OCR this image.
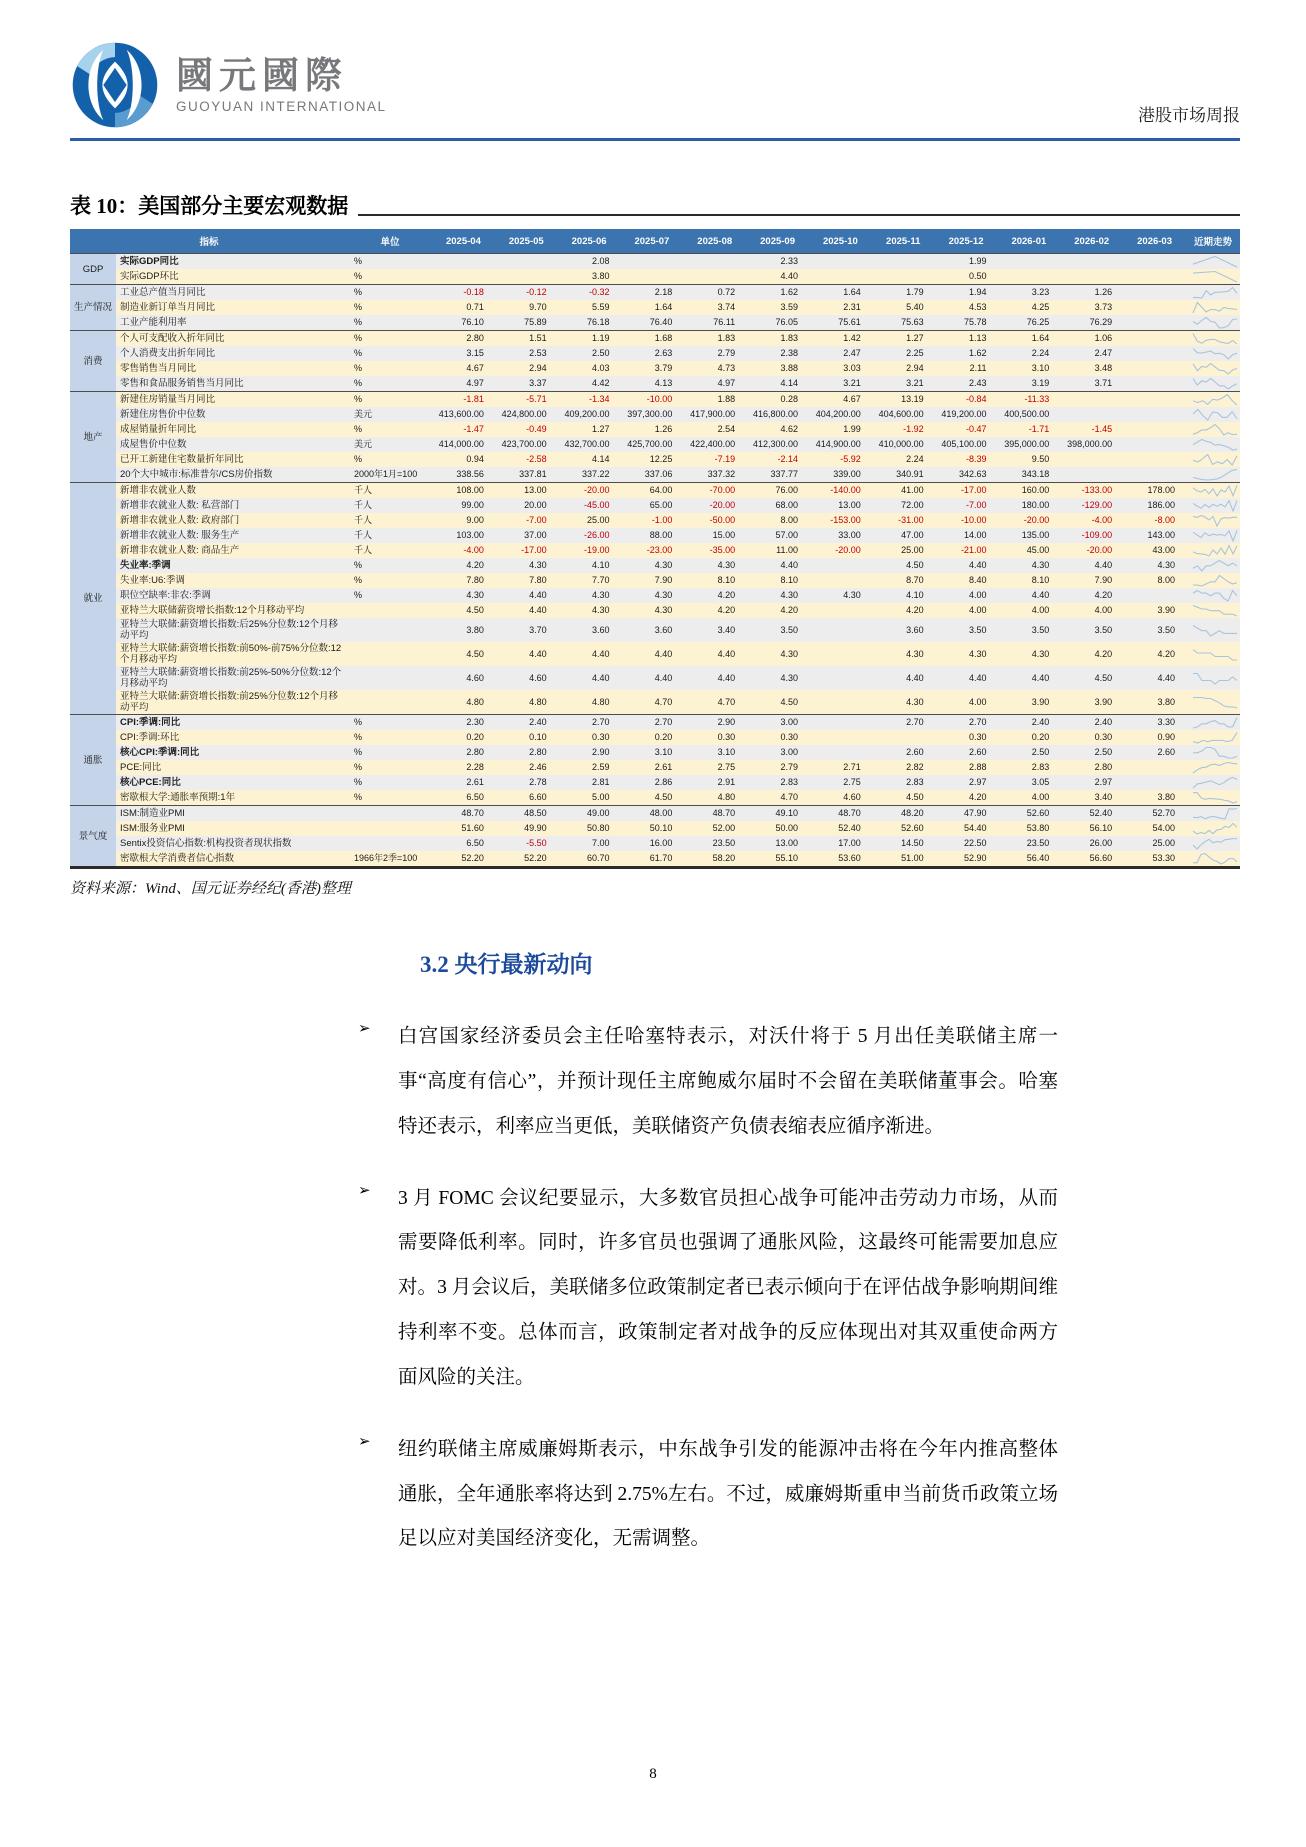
國元國際
GUOYUAN INTERNATIONAL	港股市场周报
表 10：美国部分主要宏观数据
指标		单位	2025-04	2025-05	2025-06	2025-07	2025-08	2025-09	2025-10	2025-11	2025-12	2026-01	2026-02	2026-03	近期走势
GDP	实际GDP同比	%			2.08			2.33			1.99				

	实际GDP环比	%			3.80			4.40			0.50				

生产情况	工业总产值当月同比	%	-0.18	-0.12	-0.32	2.18	0.72	1.62	1.64	1.79	1.94	3.23	1.26		

	制造业新订单当月同比	%	0.71	9.70	5.59	1.64	3.74	3.59	2.31	5.40	4.53	4.25	3.73		

	工业产能利用率	%	76.10	75.89	76.18	76.40	76.11	76.05	75.61	75.63	75.78	76.25	76.29		

消费	个人可支配收入折年同比	%	2.80	1.51	1.19	1.68	1.83	1.83	1.42	1.27	1.13	1.64	1.06		

	个人消费支出折年同比	%	3.15	2.53	2.50	2.63	2.79	2.38	2.47	2.25	1.62	2.24	2.47		

	零售销售当月同比	%	4.67	2.94	4.03	3.79	4.73	3.88	3.03	2.94	2.11	3.10	3.48		

	零售和食品服务销售当月同比	%	4.97	3.37	4.42	4.13	4.97	4.14	3.21	3.21	2.43	3.19	3.71		

地产	新建住房销量当月同比	%	-1.81	-5.71	-1.34	-10.00	1.88	0.28	4.67	13.19	-0.84	-11.33			

	新建住房售价中位数	美元	413,600.00	424,800.00	409,200.00	397,300.00	417,900.00	416,800.00	404,200.00	404,600.00	419,200.00	400,500.00			

	成屋销量折年同比	%	-1.47	-0.49	1.27	1.26	2.54	4.62	1.99	-1.92	-0.47	-1.71	-1.45		

	成屋售价中位数	美元	414,000.00	423,700.00	432,700.00	425,700.00	422,400.00	412,300.00	414,900.00	410,000.00	405,100.00	395,000.00	398,000.00		

	已开工新建住宅数量折年同比	%	0.94	-2.58	4.14	12.25	-7.19	-2.14	-5.92	2.24	-8.39	9.50			

	20个大中城市:标准普尔/CS房价指数	2000年1月=100	338.56	337.81	337.22	337.06	337.32	337.77	339.00	340.91	342.63	343.18			

就业	新增非农就业人数	千人	108.00	13.00	-20.00	64.00	-70.00	76.00	-140.00	41.00	-17.00	160.00	-133.00	178.00	

	新增非农就业人数: 私营部门	千人	99.00	20.00	-45.00	65.00	-20.00	68.00	13.00	72.00	-7.00	180.00	-129.00	186.00	

	新增非农就业人数: 政府部门	千人	9.00	-7.00	25.00	-1.00	-50.00	8.00	-153.00	-31.00	-10.00	-20.00	-4.00	-8.00	

	新增非农就业人数: 服务生产	千人	103.00	37.00	-26.00	88.00	15.00	57.00	33.00	47.00	14.00	135.00	-109.00	143.00	

	新增非农就业人数: 商品生产	千人	-4.00	-17.00	-19.00	-23.00	-35.00	11.00	-20.00	25.00	-21.00	45.00	-20.00	43.00	

	失业率:季调	%	4.20	4.30	4.10	4.30	4.30	4.40		4.50	4.40	4.30	4.40	4.30	

	失业率:U6:季调	%	7.80	7.80	7.70	7.90	8.10	8.10		8.70	8.40	8.10	7.90	8.00	

	职位空缺率:非农:季调	%	4.30	4.40	4.30	4.30	4.20	4.30	4.30	4.10	4.00	4.40	4.20		

	亚特兰大联储薪资增长指数:12个月移动平均		4.50	4.40	4.30	4.30	4.20	4.20		4.20	4.00	4.00	4.00	3.90	

	亚特兰大联储:薪资增长指数:后25%分位数:12个月移动平均		3.80	3.70	3.60	3.60	3.40	3.50		3.60	3.50	3.50	3.50	3.50	

	亚特兰大联储:薪资增长指数:前50%-前75%分位数:12个月移动平均		4.50	4.40	4.40	4.40	4.40	4.30		4.30	4.30	4.30	4.20	4.20	

	亚特兰大联储:薪资增长指数:前25%-50%分位数:12个月移动平均		4.60	4.60	4.40	4.40	4.40	4.30		4.40	4.40	4.40	4.50	4.40	

	亚特兰大联储:薪资增长指数:前25%分位数:12个月移动平均		4.80	4.80	4.80	4.70	4.70	4.50		4.30	4.00	3.90	3.90	3.80	

通胀	CPI:季调:同比	%	2.30	2.40	2.70	2.70	2.90	3.00		2.70	2.70	2.40	2.40	3.30	

	CPI:季调:环比	%	0.20	0.10	0.30	0.20	0.30	0.30			0.30	0.20	0.30	0.90	

	核心CPI:季调:同比	%	2.80	2.80	2.90	3.10	3.10	3.00		2.60	2.60	2.50	2.50	2.60	

	PCE:同比	%	2.28	2.46	2.59	2.61	2.75	2.79	2.71	2.82	2.88	2.83	2.80		

	核心PCE:同比	%	2.61	2.78	2.81	2.86	2.91	2.83	2.75	2.83	2.97	3.05	2.97		

	密歇根大学:通胀率预期:1年	%	6.50	6.60	5.00	4.50	4.80	4.70	4.60	4.50	4.20	4.00	3.40	3.80	

景气度	ISM:制造业PMI		48.70	48.50	49.00	48.00	48.70	49.10	48.70	48.20	47.90	52.60	52.40	52.70	

	ISM:服务业PMI		51.60	49.90	50.80	50.10	52.00	50.00	52.40	52.60	54.40	53.80	56.10	54.00	

	Sentix投资信心指数:机构投资者现状指数		6.50	-5.50	7.00	16.00	23.50	13.00	17.00	14.50	22.50	23.50	26.00	25.00	

	密歇根大学消费者信心指数	1966年2季=100	52.20	52.20	60.70	61.70	58.20	55.10	53.60	51.00	52.90	56.40	56.60	53.30	
资料来源：Wind、国元证券经纪(香港)整理
3.2 央行最新动向

➢	白宫国家经济委员会主任哈塞特表示，对沃什将于 5 月出任美联储主席一事“高度有信心”，并预计现任主席鲍威尔届时不会留在美联储董事会。哈塞特还表示，利率应当更低，美联储资产负债表缩表应循序渐进。

➢	3 月 FOMC 会议纪要显示，大多数官员担心战争可能冲击劳动力市场，从而需要降低利率。同时，许多官员也强调了通胀风险，这最终可能需要加息应对。3 月会议后，美联储多位政策制定者已表示倾向于在评估战争影响期间维持利率不变。总体而言，政策制定者对战争的反应体现出对其双重使命两方面风险的关注。

➢	纽约联储主席威廉姆斯表示，中东战争引发的能源冲击将在今年内推高整体通胀，全年通胀率将达到 2.75%左右。不过，威廉姆斯重申当前货币政策立场足以应对美国经济变化，无需调整。

8
